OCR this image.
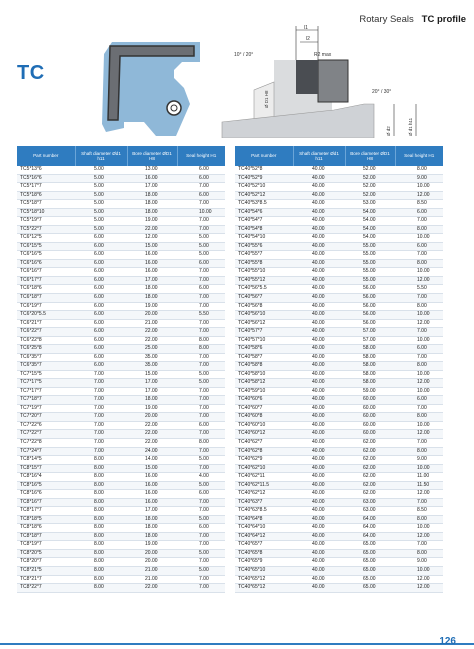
Rotary Seals TC profile
TC
l1
l2
R2 max
10° / 20°
20° / 30°
Ø D1 H8
Ø d2	Ø d1 h11
Part number	Shaft diameter Ød1 h11	Bore diameter ØD1 H8	Seal height H1
TC5*13*6	5.00	13.00	6.00
TC5*16*6	5.00	16.00	6.00
TC5*17*7	5.00	17.00	7.00
TC5*18*6	5.00	18.00	6.00
TC5*18*7	5.00	18.00	7.00
TC5*18*10	5.00	18.00	10.00
TC5*19*7	5.00	19.00	7.00
TC5*22*7	5.00	22.00	7.00
TC6*12*5	6.00	12.00	5.00
TC6*15*5	6.00	15.00	5.00
TC6*16*5	6.00	16.00	5.00
TC6*16*6	6.00	16.00	6.00
TC6*16*7	6.00	16.00	7.00
TC6*17*7	6.00	17.00	7.00
TC6*18*6	6.00	18.00	6.00
TC6*18*7	6.00	18.00	7.00
TC6*19*7	6.00	19.00	7.00
TC6*20*5.5	6.00	20.00	5.50
TC6*21*7	6.00	21.00	7.00
TC6*22*7	6.00	22.00	7.00
TC6*22*8	6.00	22.00	8.00
TC6*25*8	6.00	25.00	8.00
TC6*35*7	6.00	35.00	7.00
TC6*35*7	6.00	35.00	7.00
TC7*15*5	7.00	15.00	5.00
TC7*17*5	7.00	17.00	5.00
TC7*17*7	7.00	17.00	7.00
TC7*18*7	7.00	18.00	7.00
TC7*19*7	7.00	19.00	7.00
TC7*20*7	7.00	20.00	7.00
TC7*22*6	7.00	22.00	6.00
TC7*22*7	7.00	22.00	7.00
TC7*22*8	7.00	22.00	8.00
TC7*24*7	7.00	24.00	7.00
TC8*14*5	8.00	14.00	5.00
TC8*15*7	8.00	15.00	7.00
TC8*16*4	8.00	16.00	4.00
TC8*16*5	8.00	16.00	5.00
TC8*16*6	8.00	16.00	6.00
TC8*16*7	8.00	16.00	7.00
TC8*17*7	8.00	17.00	7.00
TC8*18*5	8.00	18.00	5.00
TC8*18*6	8.00	18.00	6.00
TC8*18*7	8.00	18.00	7.00
TC8*19*7	8.00	19.00	7.00
TC8*20*5	8.00	20.00	5.00
TC8*20*7	8.00	20.00	7.00
TC8*21*5	8.00	21.00	5.00
TC8*21*7	8.00	21.00	7.00
TC8*22*7	8.00	22.00	7.00
Part number	Shaft diameter Ød1 h11	Bore diameter ØD1 H8	Seal height H1
TC40*52*8	40.00	52.00	8.00
TC40*52*9	40.00	52.00	9.00
TC40*52*10	40.00	52.00	10.00
TC40*52*12	40.00	52.00	12.00
TC40*53*8.5	40.00	53.00	8.50
TC40*54*6	40.00	54.00	6.00
TC40*54*7	40.00	54.00	7.00
TC40*54*8	40.00	54.00	8.00
TC40*54*10	40.00	54.00	10.00
TC40*55*6	40.00	55.00	6.00
TC40*55*7	40.00	55.00	7.00
TC40*55*8	40.00	55.00	8.00
TC40*55*10	40.00	55.00	10.00
TC40*55*12	40.00	55.00	12.00
TC40*56*5.5	40.00	56.00	5.50
TC40*56*7	40.00	56.00	7.00
TC40*56*8	40.00	56.00	8.00
TC40*56*10	40.00	56.00	10.00
TC40*56*12	40.00	56.00	12.00
TC40*57*7	40.00	57.00	7.00
TC40*57*10	40.00	57.00	10.00
TC40*58*6	40.00	58.00	6.00
TC40*58*7	40.00	58.00	7.00
TC40*58*8	40.00	58.00	8.00
TC40*58*10	40.00	58.00	10.00
TC40*58*12	40.00	58.00	12.00
TC40*59*10	40.00	59.00	10.00
TC40*60*6	40.00	60.00	6.00
TC40*60*7	40.00	60.00	7.00
TC40*60*8	40.00	60.00	8.00
TC40*60*10	40.00	60.00	10.00
TC40*60*12	40.00	60.00	12.00
TC40*62*7	40.00	62.00	7.00
TC40*62*8	40.00	62.00	8.00
TC40*62*9	40.00	62.00	9.00
TC40*62*10	40.00	62.00	10.00
TC40*62*11	40.00	62.00	11.00
TC40*62*11.5	40.00	62.00	11.50
TC40*62*12	40.00	62.00	12.00
TC40*63*7	40.00	63.00	7.00
TC40*63*8.5	40.00	63.00	8.50
TC40*64*8	40.00	64.00	8.00
TC40*64*10	40.00	64.00	10.00
TC40*64*12	40.00	64.00	12.00
TC40*65*7	40.00	65.00	7.00
TC40*65*8	40.00	65.00	8.00
TC40*65*9	40.00	65.00	9.00
TC40*65*10	40.00	65.00	10.00
TC40*65*12	40.00	65.00	12.00
TC40*65*12	40.00	65.00	12.00
126
